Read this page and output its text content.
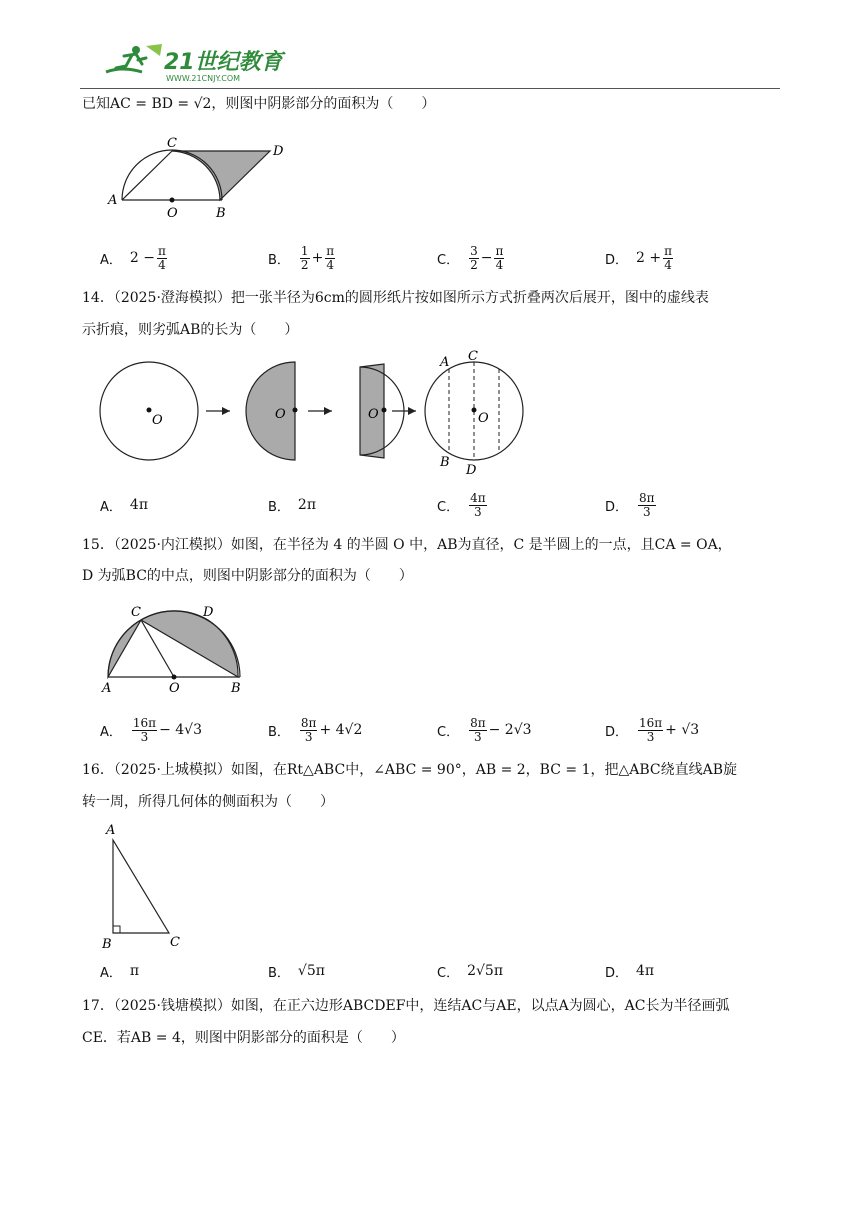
21世纪教育
WWW.21CNJY.COM
已知AC = BD = √2，则图中阴影部分的面积为（　　）
A
C
D
O	B
A． $2 - \frac{\pi}{4}$	B． $\frac{1}{2} + \frac{\pi}{4}$	C． $\frac{3}{2} - \frac{\pi}{4}$	D． $2 + \frac{\pi}{4}$
14．（2025·澄海模拟）把一张半径为6cm的圆形纸片按如图所示方式折叠两次后展开，图中的虚线表
示折痕，则劣弧AB的长为（　　）
O	O	O	O
A C
B
D
A． 4π	B． 2π	C． $\frac{4\pi}{3}$	D． $\frac{8\pi}{3}$
15．（2025·内江模拟）如图，在半径为 4 的半圆 O 中，AB为直径，C 是半圆上的一点，且CA = OA，
D 为弧BC的中点，则图中阴影部分的面积为（　　）
C	D
A	O	B
A． $\frac{16\pi}{3} - 4√3$	B． $\frac{8\pi}{3} + 4√2$	C． $\frac{8\pi}{3} - 2√3$	D． $\frac{16\pi}{3} + √3$
16．（2025·上城模拟）如图，在Rt△ABC中，∠ABC = 90°，AB = 2，BC = 1，把△ABC绕直线AB旋
转一周，所得几何体的侧面积为（　　）
A
B	C
A． π	B． √5π	C． 2√5π	D． 4π
17．（2025·钱塘模拟）如图，在正六边形ABCDEF中，连结AC与AE，以点A为圆心，AC长为半径画弧
CE．若AB = 4，则图中阴影部分的面积是（　　）
